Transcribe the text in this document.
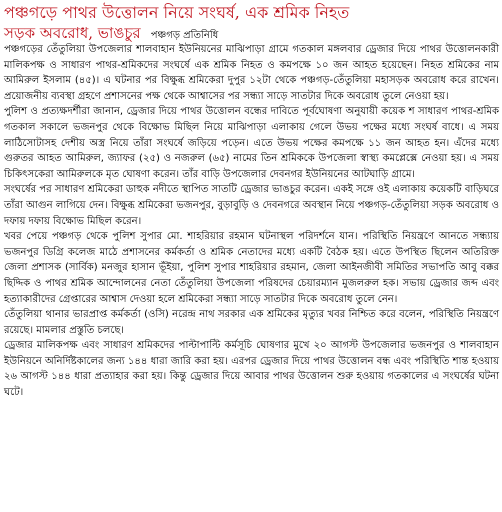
পঞ্চগড়ে পাথর উত্তোলন নিয়ে সংঘর্ষ, এক শ্রমিক নিহত
সড়ক অবরোধ, ভাঙচুর পঞ্চগড় প্রতিনিধি

পঞ্চগড়ের তেঁতুলিয়া উপজেলার শালবাহান ইউনিয়নের মাঝিপাড়া গ্রামে গতকাল মঙ্গলবার ড্রেজার দিয়ে পাথর উত্তোলনকারী মালিকপক্ষ ও সাধারণ পাথর-শ্রমিকদের সংঘর্ষে এক শ্রমিক নিহত ও কমপক্ষে ১০ জন আহত হয়েছেন। নিহত শ্রমিকের নাম আমিরুল ইসলাম (৪৫)। এ ঘটনার পর বিক্ষুব্ধ শ্রমিকেরা দুপুর ১২টা থেকে পঞ্চগড়-তেঁতুলিয়া মহাসড়ক অবরোধ করে রাখেন। প্রয়োজনীয় ব্যবস্থা গ্রহণে প্রশাসনের পক্ষ থেকে আশ্বাসের পর সন্ধ্যা সাড়ে সাতটার দিকে অবরোধ তুলে নেওয়া হয়।

পুলিশ ও প্রত্যক্ষদর্শীরা জানান, ড্রেজার দিয়ে পাথর উত্তোলন বন্ধের দাবিতে পূর্বঘোষণা অনুযায়ী কয়েক শ সাধারণ পাথর-শ্রমিক গতকাল সকালে ভজনপুর থেকে বিক্ষোভ মিছিল নিয়ে মাঝিপাড়া এলাকায় গেলে উভয় পক্ষের মধ্যে সংঘর্ষ বাধে। এ সময় লাঠিসোটাসহ দেশীয় অস্ত্র নিয়ে তাঁরা সংঘর্ষে জড়িয়ে পড়েন। এতে উভয় পক্ষের কমপক্ষে ১১ জন আহত হন। এঁদের মধ্যে গুরুতর আহত আমিরুল, জ্যাফর (২৫) ও নজরুল (৬৫) নামের তিন শ্রমিককে উপজেলা স্বাস্থ্য কমপ্লেক্সে নেওয়া হয়। এ সময় চিকিৎসকেরা আমিরুলকে মৃত ঘোষণা করেন। তাঁর বাড়ি উপজেলার দেবনগর ইউনিয়নের আটঘাড়ি গ্রামে।

সংঘর্ষের পর সাধারণ শ্রমিকেরা ডাহুক নদীতে স্থাপিত সাতটি ড্রেজার ভাঙচুর করেন। একই সঙ্গে ওই এলাকায় কয়েকটি বাড়িঘরে তাঁরা আগুন লাগিয়ে দেন। বিক্ষুব্ধ শ্রমিকেরা ভজনপুর, বুড়াবুড়ি ও দেবনগরে অবস্থান নিয়ে পঞ্চগড়-তেঁতুলিয়া সড়ক অবরোধ ও দফায় দফায় বিক্ষোভ মিছিল করেন।

খবর পেয়ে পঞ্চগড় থেকে পুলিশ সুপার মো. শাহরিয়ার রহমান ঘটনাস্থল পরিদর্শনে যান। পরিস্থিতি নিয়ন্ত্রণে আনতে সন্ধ্যায় ভজনপুর ডিগ্রি কলেজ মাঠে প্রশাসনের কর্মকর্তা ও শ্রমিক নেতাদের মধ্যে একটি বৈঠক হয়। এতে উপস্থিত ছিলেন অতিরিক্ত জেলা প্রশাসক (সার্বিক) মনজুর হাসান ভূঁইয়া, পুলিশ সুপার শাহরিয়ার রহমান, জেলা আইনজীবী সমিতির সভাপতি আবু বক্কর ছিদ্দিক ও পাথর শ্রমিক আন্দোলনের নেতা তেঁতুলিয়া উপজেলা পরিষদের চেয়ারম্যান মুজলরুল হক। সভায় ড্রেজার জব্দ এবং হত্যাকারীদের গ্রেপ্তারের আশ্বাস দেওয়া হলে শ্রমিকেরা সন্ধ্যা সাড়ে সাতটার দিকে অবরোধ তুলে নেন।

তেঁতুলিয়া থানার ভারপ্রাপ্ত কর্মকর্তা (ওসি) নরেন্দ্র নাথ সরকার এক শ্রমিকের মৃত্যুর খবর নিশ্চিত করে বলেন, পরিস্থিতি নিয়ন্ত্রণে রয়েছে। মামলার প্রস্তুতি চলছে।

ড্রেজার মালিকপক্ষ এবং সাধারণ শ্রমিকদের পাল্টাপাল্টি কর্মসূচি ঘোষণার মুখে ২০ আগস্ট উপজেলার ভজনপুর ও শালবাহান ইউনিয়নে অনির্দিষ্টকালের জন্য ১৪৪ ধারা জারি করা হয়। এরপর ড্রেজার দিয়ে পাথর উত্তোলন বন্ধ এবং পরিস্থিতি শান্ত হওয়ায় ২৬ আগস্ট ১৪৪ ধারা প্রত্যাহার করা হয়। কিন্তু ড্রেজার দিয়ে আবার পাথর উত্তোলন শুরু হওয়ায় গতকালের এ সংঘর্ষের ঘটনা ঘটে।
